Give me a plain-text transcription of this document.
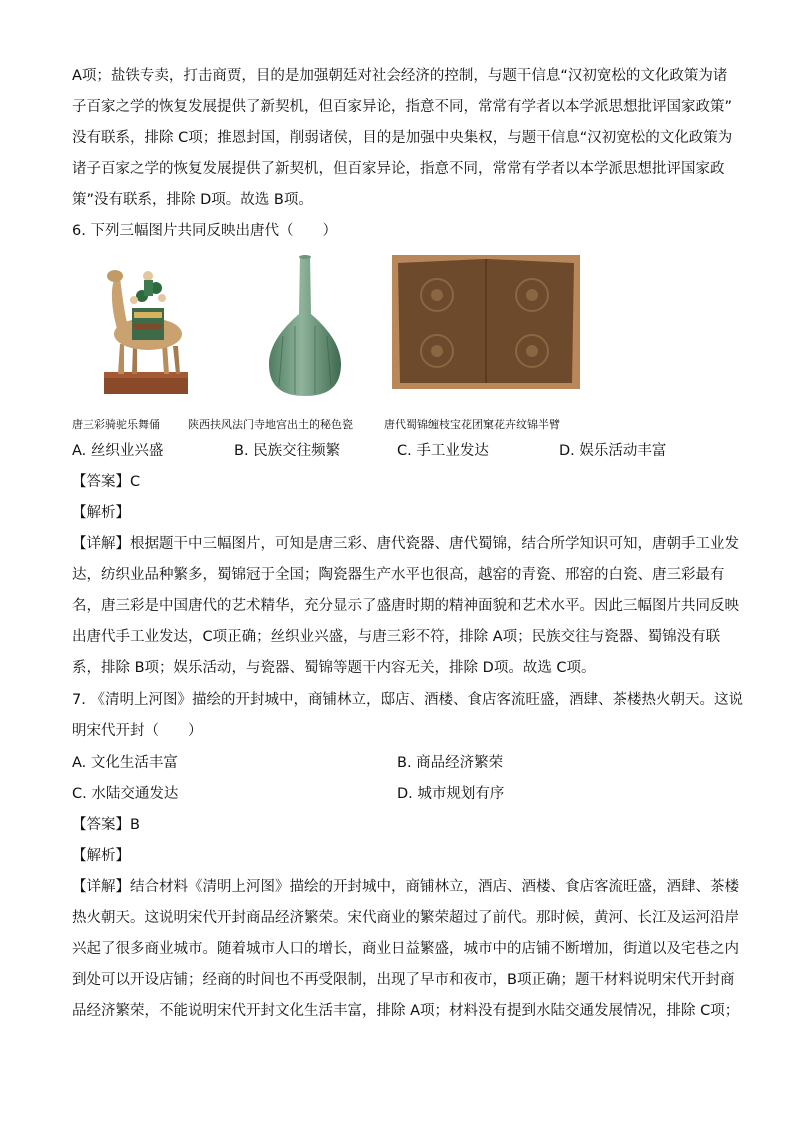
A项；盐铁专卖，打击商贾，目的是加强朝廷对社会经济的控制，与题干信息“汉初宽松的文化政策为诸
子百家之学的恢复发展提供了新契机，但百家异论，指意不同，常常有学者以本学派思想批评国家政策”
没有联系，排除 C项；推恩封国，削弱诸侯，目的是加强中央集权，与题干信息“汉初宽松的文化政策为
诸子百家之学的恢复发展提供了新契机，但百家异论，指意不同，常常有学者以本学派思想批评国家政
策”没有联系，排除 D项。故选 B项。
6. 下列三幅图片共同反映出唐代（　　）
唐三彩骑驼乐舞俑	陕西扶风法门寺地宫出土的秘色瓷	唐代蜀锦缠枝宝花团窠花卉纹锦半臂
A. 丝织业兴盛	B. 民族交往频繁	C. 手工业发达	D. 娱乐活动丰富
【答案】C
【解析】
【详解】根据题干中三幅图片，可知是唐三彩、唐代瓷器、唐代蜀锦，结合所学知识可知，唐朝手工业发
达，纺织业品种繁多，蜀锦冠于全国；陶瓷器生产水平也很高，越窑的青瓷、邢窑的白瓷、唐三彩最有
名，唐三彩是中国唐代的艺术精华，充分显示了盛唐时期的精神面貌和艺术水平。因此三幅图片共同反映
出唐代手工业发达，C项正确；丝织业兴盛，与唐三彩不符，排除 A项；民族交往与瓷器、蜀锦没有联
系，排除 B项；娱乐活动，与瓷器、蜀锦等题干内容无关，排除 D项。故选 C项。
7. 《清明上河图》描绘的开封城中，商铺林立，邸店、酒楼、食店客流旺盛，酒肆、茶楼热火朝天。这说
明宋代开封（　　）
A. 文化生活丰富	B. 商品经济繁荣
C. 水陆交通发达	D. 城市规划有序
【答案】B
【解析】
【详解】结合材料《清明上河图》描绘的开封城中，商铺林立，酒店、酒楼、食店客流旺盛，酒肆、茶楼
热火朝天。这说明宋代开封商品经济繁荣。宋代商业的繁荣超过了前代。那时候，黄河、长江及运河沿岸
兴起了很多商业城市。随着城市人口的增长，商业日益繁盛，城市中的店铺不断增加，街道以及宅巷之内
到处可以开设店铺；经商的时间也不再受限制，出现了早市和夜市，B项正确；题干材料说明宋代开封商
品经济繁荣，不能说明宋代开封文化生活丰富，排除 A项；材料没有提到水陆交通发展情况，排除 C项；
